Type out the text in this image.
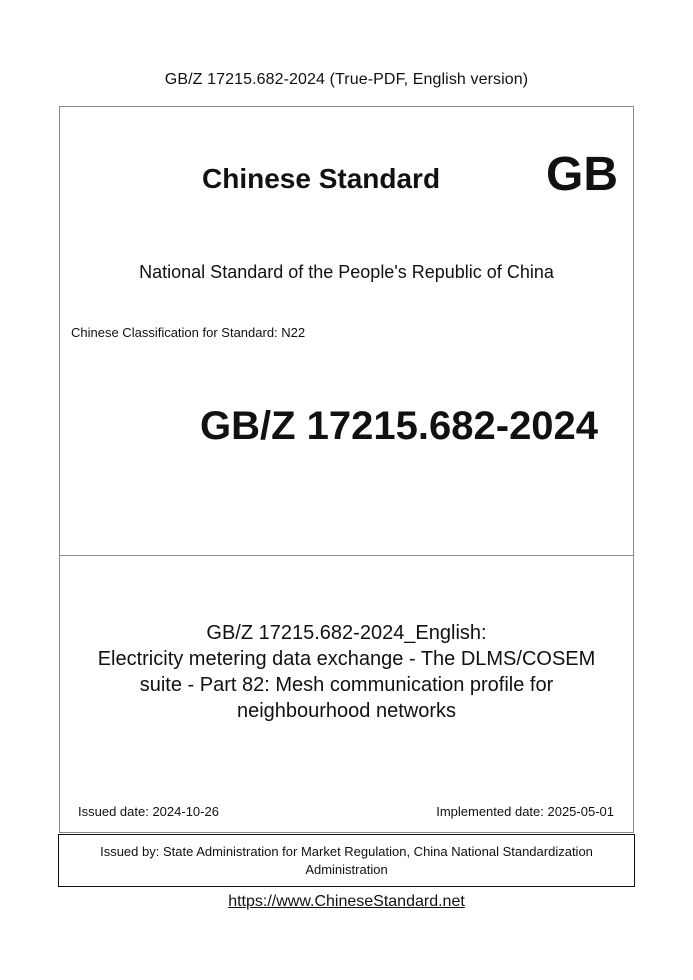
GB/Z 17215.682-2024 (True-PDF, English version)
Chinese Standard GB
National Standard of the People's Republic of China
Chinese Classification for Standard: N22
GB/Z 17215.682-2024
GB/Z 17215.682-2024_English:
Electricity metering data exchange - The DLMS/COSEM
suite - Part 82: Mesh communication profile for
neighbourhood networks
Issued date: 2024-10-26	Implemented date: 2025-05-01
Issued by: State Administration for Market Regulation, China National Standardization
Administration
https://www.ChineseStandard.net
